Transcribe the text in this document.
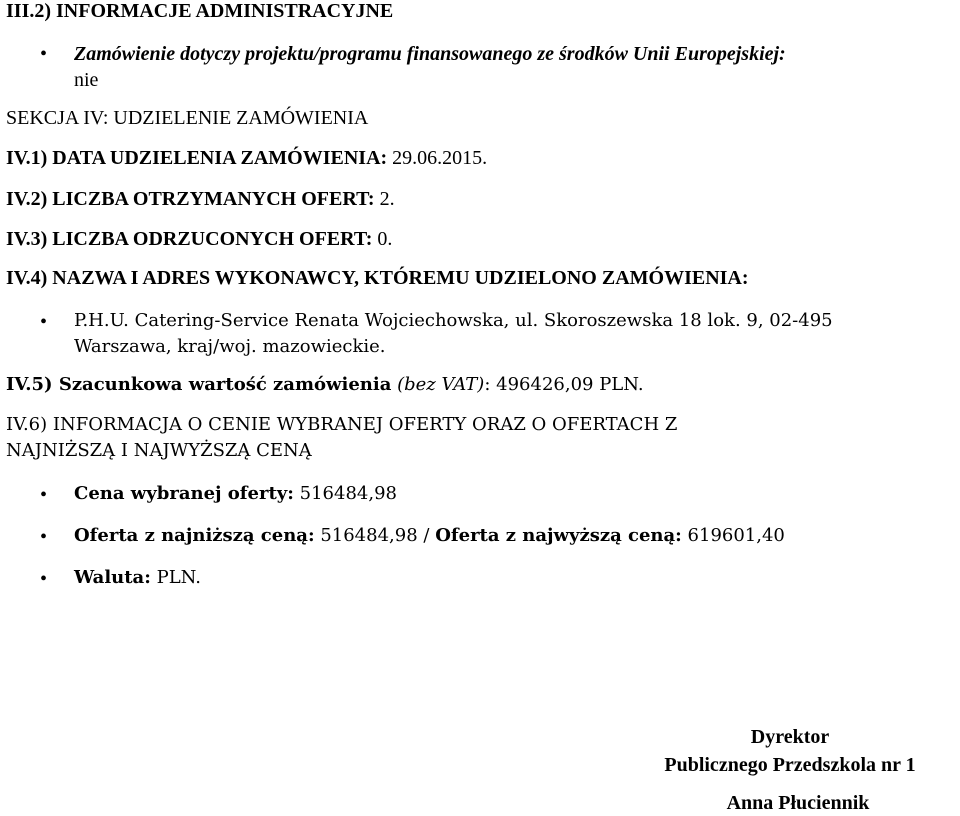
III.2) INFORMACJE ADMINISTRACYJNE
• Zamówienie dotyczy projektu/programu finansowanego ze środków Unii Europejskiej:
nie
SEKCJA IV: UDZIELENIE ZAMÓWIENIA
IV.1) DATA UDZIELENIA ZAMÓWIENIA: 29.06.2015.
IV.2) LICZBA OTRZYMANYCH OFERT: 2.
IV.3) LICZBA ODRZUCONYCH OFERT: 0.
IV.4) NAZWA I ADRES WYKONAWCY, KTÓREMU UDZIELONO ZAMÓWIENIA:
• P.H.U. Catering-Service Renata Wojciechowska, ul. Skoroszewska 18 lok. 9, 02-495
Warszawa, kraj/woj. mazowieckie.
IV.5) Szacunkowa wartość zamówienia (bez VAT): 496426,09 PLN.
IV.6) INFORMACJA O CENIE WYBRANEJ OFERTY ORAZ O OFERTACH Z
NAJNIŻSZĄ I NAJWYŻSZĄ CENĄ
• Cena wybranej oferty: 516484,98
• Oferta z najniższą ceną: 516484,98 / Oferta z najwyższą ceną: 619601,40
• Waluta: PLN.
Dyrektor
Publicznego Przedszkola nr 1
Anna Płuciennik
